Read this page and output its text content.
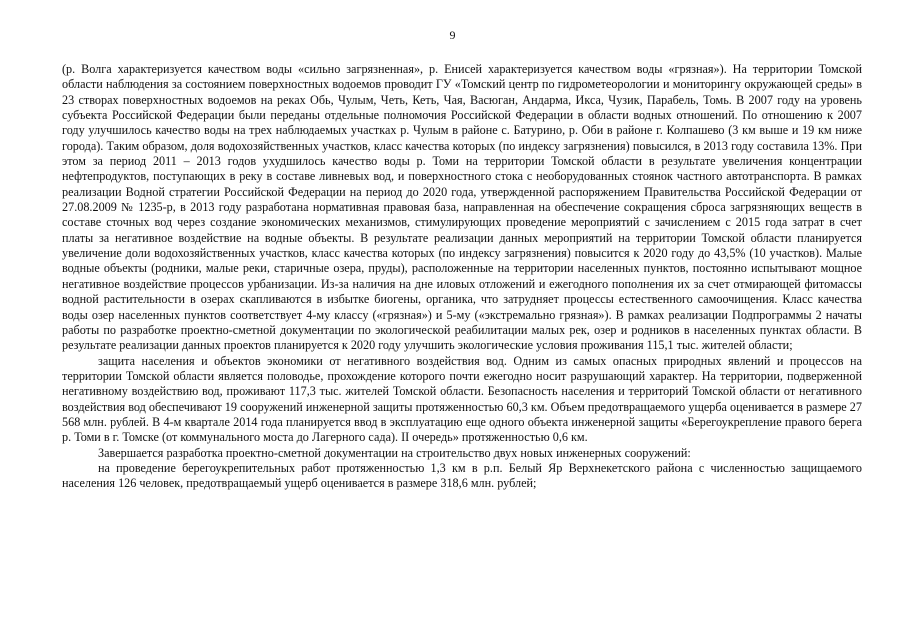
9

(р. Волга характеризуется качеством воды «сильно загрязненная», р. Енисей характеризуется качеством воды «грязная»). На территории Томской области наблюдения за состоянием поверхностных водоемов проводит ГУ «Томский центр по гидрометеорологии и мониторингу окружающей среды» в 23 створах поверхностных водоемов на реках Обь, Чулым, Четь, Кеть, Чая, Васюган, Андарма, Икса, Чузик, Парабель, Томь. В 2007 году на уровень субъекта Российской Федерации были переданы отдельные полномочия Российской Федерации в области водных отношений. По отношению к 2007 году улучшилось качество воды на трех наблюдаемых участках р. Чулым в районе с. Батурино, р. Оби в районе г. Колпашево (3 км выше и 19 км ниже города). Таким образом, доля водохозяйственных участков, класс качества которых (по индексу загрязнения) повысился, в 2013 году составила 13%. При этом за период 2011 – 2013 годов ухудшилось качество воды р. Томи на территории Томской области в результате увеличения концентрации нефтепродуктов, поступающих в реку в составе ливневых вод, и поверхностного стока с необорудованных стоянок частного автотранспорта. В рамках реализации Водной стратегии Российской Федерации на период до 2020 года, утвержденной распоряжением Правительства Российской Федерации от 27.08.2009 № 1235-р, в 2013 году разработана нормативная правовая база, направленная на обеспечение сокращения сброса загрязняющих веществ в составе сточных вод через создание экономических механизмов, стимулирующих проведение мероприятий с зачислением с 2015 года затрат в счет платы за негативное воздействие на водные объекты. В результате реализации данных мероприятий на территории Томской области планируется увеличение доли водохозяйственных участков, класс качества которых (по индексу загрязнения) повысится к 2020 году до 43,5% (10 участков). Малые водные объекты (родники, малые реки, старичные озера, пруды), расположенные на территории населенных пунктов, постоянно испытывают мощное негативное воздействие процессов урбанизации. Из-за наличия на дне иловых отложений и ежегодного пополнения их за счет отмирающей фитомассы водной растительности в озерах скапливаются в избытке биогены, органика, что затрудняет процессы естественного самоочищения. Класс качества воды озер населенных пунктов соответствует 4-му классу («грязная») и 5-му («экстремально грязная»). В рамках реализации Подпрограммы 2 начаты работы по разработке проектно-сметной документации по экологической реабилитации малых рек, озер и родников в населенных пунктах области. В результате реализации данных проектов планируется к 2020 году улучшить экологические условия проживания 115,1 тыс. жителей области;

защита населения и объектов экономики от негативного воздействия вод. Одним из самых опасных природных явлений и процессов на территории Томской области является половодье, прохождение которого почти ежегодно носит разрушающий характер. На территории, подверженной негативному воздействию вод, проживают 117,3 тыс. жителей Томской области. Безопасность населения и территорий Томской области от негативного воздействия вод обеспечивают 19 сооружений инженерной защиты протяженностью 60,3 км. Объем предотвращаемого ущерба оценивается в размере 27 568 млн. рублей. В 4-м квартале 2014 года планируется ввод в эксплуатацию еще одного объекта инженерной защиты «Берегоукрепление правого берега р. Томи в г. Томске (от коммунального моста до Лагерного сада). II очередь» протяженностью 0,6 км.

Завершается разработка проектно-сметной документации на строительство двух новых инженерных сооружений:

на проведение берегоукрепительных работ протяженностью 1,3 км в р.п. Белый Яр Верхнекетского района с численностью защищаемого населения 126 человек, предотвращаемый ущерб оценивается в размере 318,6 млн. рублей;
